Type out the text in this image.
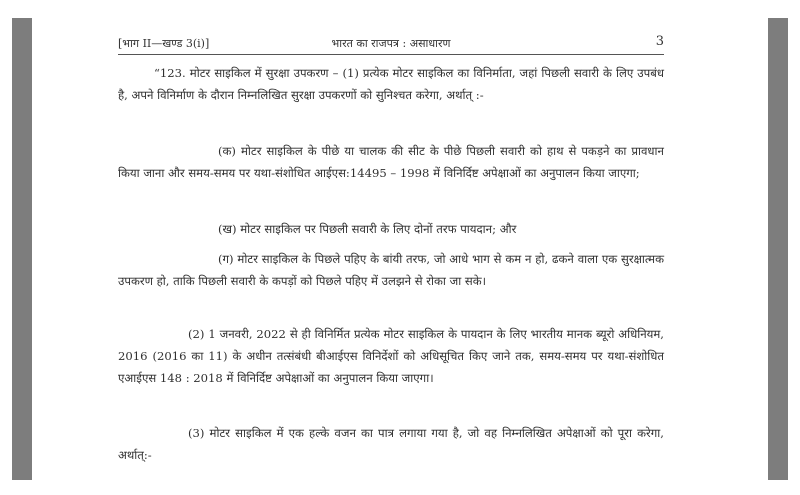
[भाग II—खण्ड 3(i)]	भारत का राजपत्र : असाधारण	3

“123. मोटर साइकिल में सुरक्षा उपकरण – (1) प्रत्येक मोटर साइकिल का विनिर्माता, जहां पिछली सवारी के लिए उपबंध है, अपने विनिर्माण के दौरान निम्नलिखित सुरक्षा उपकरणों को सुनिश्चत करेगा, अर्थात् :-

(क) मोटर साइकिल के पीछे या चालक की सीट के पीछे पिछली सवारी को हाथ से पकड़ने का प्रावधान किया जाना और समय-समय पर यथा-संशोधित आईएस:14495 – 1998 में विनिर्दिष्ट अपेक्षाओं का अनुपालन किया जाएगा;

(ख) मोटर साइकिल पर पिछली सवारी के लिए दोनों तरफ पायदान; और

(ग) मोटर साइकिल के पिछले पहिए के बांयी तरफ, जो आधे भाग से कम न हो, ढकने वाला एक सुरक्षात्मक उपकरण हो, ताकि पिछली सवारी के कपड़ों को पिछले पहिए में उलझने से रोका जा सके।

(2) 1 जनवरी, 2022 से ही विनिर्मित प्रत्येक मोटर साइकिल के पायदान के लिए भारतीय मानक ब्यूरो अधिनियम, 2016 (2016 का 11) के अधीन तत्संबंधी बीआईएस विनिर्देशों को अधिसूचित किए जाने तक, समय-समय पर यथा-संशोधित एआईएस 148 : 2018 में विनिर्दिष्ट अपेक्षाओं का अनुपालन किया जाएगा।

(3) मोटर साइकिल में एक हल्के वजन का पात्र लगाया गया है, जो वह निम्नलिखित अपेक्षाओं को पूरा करेगा, अर्थात्:-
